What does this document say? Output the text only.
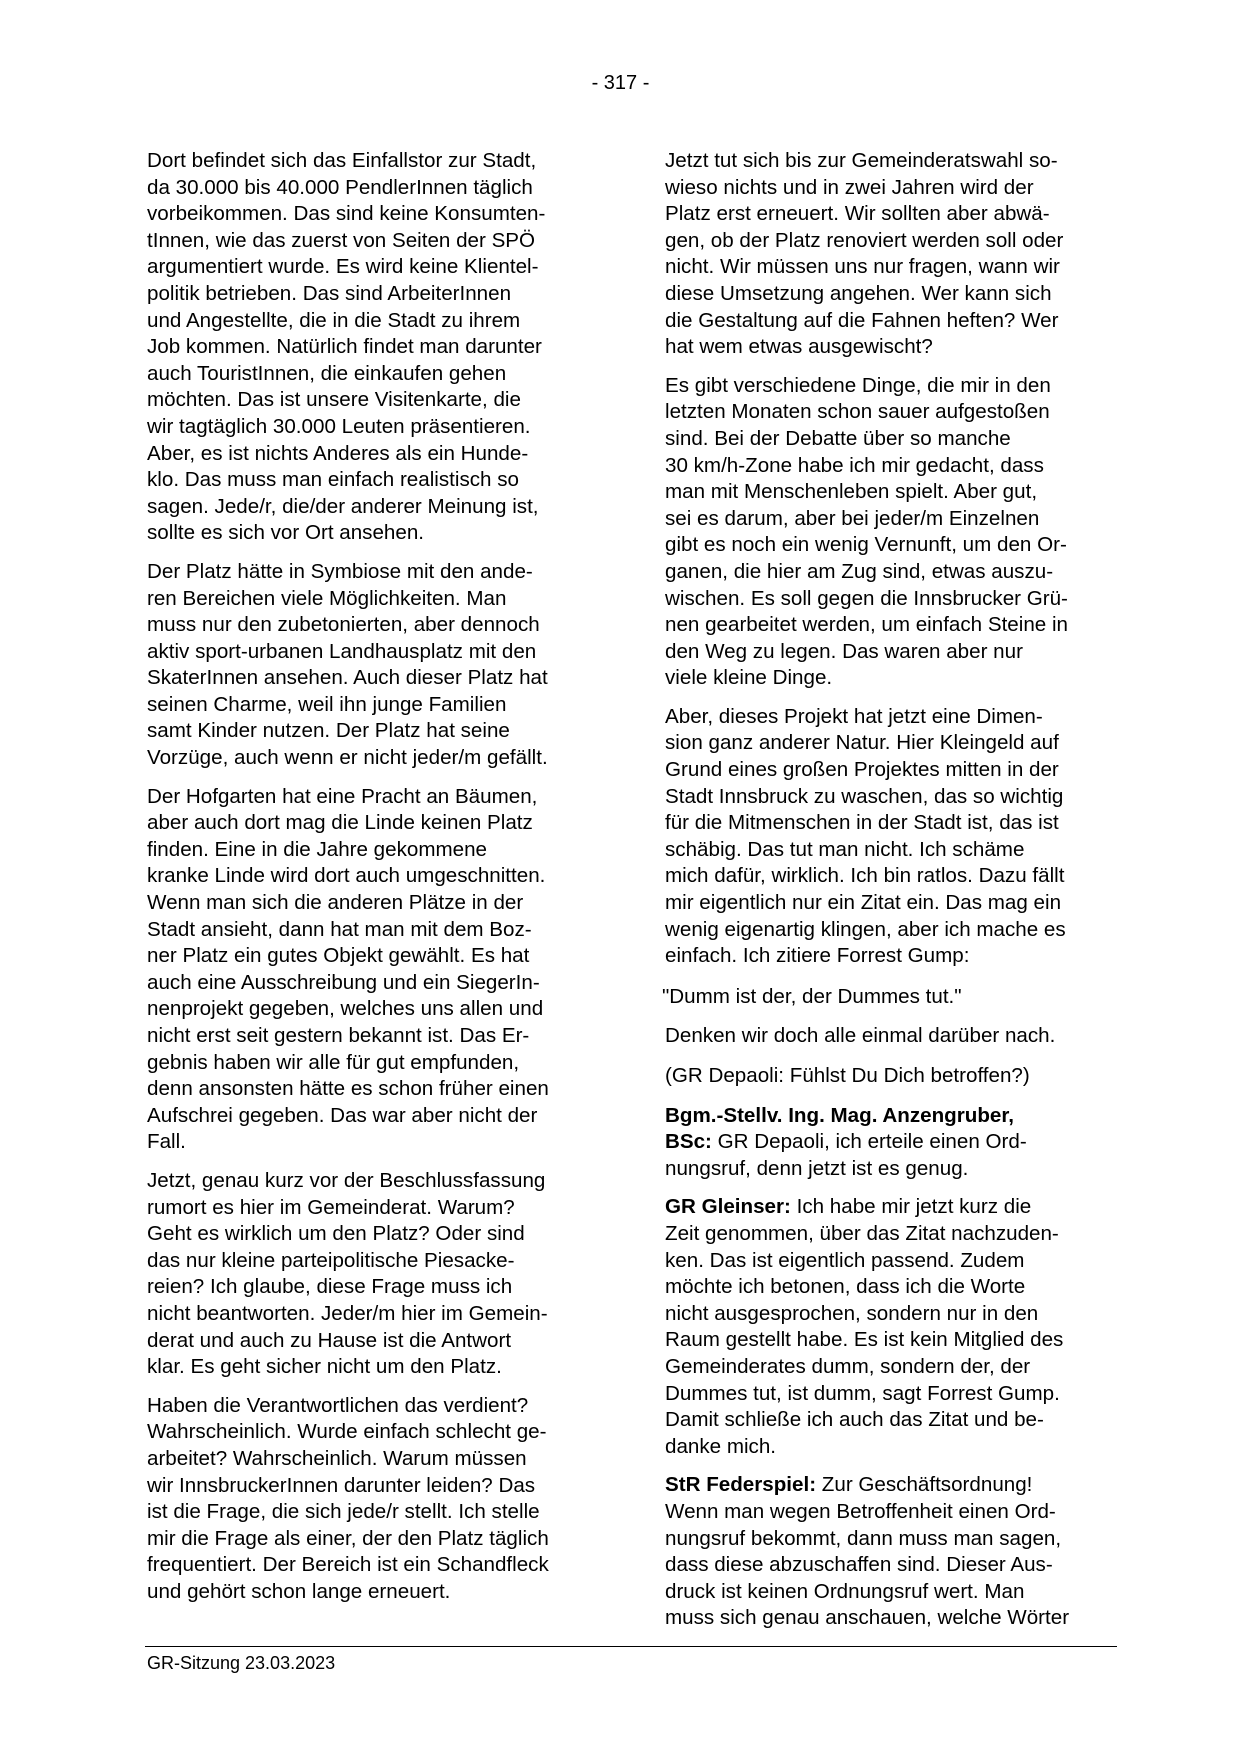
- 317 -

Dort befindet sich das Einfallstor zur Stadt,
da 30.000 bis 40.000 PendlerInnen täglich
vorbeikommen. Das sind keine Konsumten-
tInnen, wie das zuerst von Seiten der SPÖ
argumentiert wurde. Es wird keine Klientel-
politik betrieben. Das sind ArbeiterInnen
und Angestellte, die in die Stadt zu ihrem
Job kommen. Natürlich findet man darunter
auch TouristInnen, die einkaufen gehen
möchten. Das ist unsere Visitenkarte, die
wir tagtäglich 30.000 Leuten präsentieren.
Aber, es ist nichts Anderes als ein Hunde-
klo. Das muss man einfach realistisch so
sagen. Jede/r, die/der anderer Meinung ist,
sollte es sich vor Ort ansehen.

Der Platz hätte in Symbiose mit den ande-
ren Bereichen viele Möglichkeiten. Man
muss nur den zubetonierten, aber dennoch
aktiv sport-urbanen Landhausplatz mit den
SkaterInnen ansehen. Auch dieser Platz hat
seinen Charme, weil ihn junge Familien
samt Kinder nutzen. Der Platz hat seine
Vorzüge, auch wenn er nicht jeder/m gefällt.

Der Hofgarten hat eine Pracht an Bäumen,
aber auch dort mag die Linde keinen Platz
finden. Eine in die Jahre gekommene
kranke Linde wird dort auch umgeschnitten.
Wenn man sich die anderen Plätze in der
Stadt ansieht, dann hat man mit dem Boz-
ner Platz ein gutes Objekt gewählt. Es hat
auch eine Ausschreibung und ein SiegerIn-
nenprojekt gegeben, welches uns allen und
nicht erst seit gestern bekannt ist. Das Er-
gebnis haben wir alle für gut empfunden,
denn ansonsten hätte es schon früher einen
Aufschrei gegeben. Das war aber nicht der
Fall.

Jetzt, genau kurz vor der Beschlussfassung
rumort es hier im Gemeinderat. Warum?
Geht es wirklich um den Platz? Oder sind
das nur kleine parteipolitische Piesacke-
reien? Ich glaube, diese Frage muss ich
nicht beantworten. Jeder/m hier im Gemein-
derat und auch zu Hause ist die Antwort
klar. Es geht sicher nicht um den Platz.

Haben die Verantwortlichen das verdient?
Wahrscheinlich. Wurde einfach schlecht ge-
arbeitet? Wahrscheinlich. Warum müssen
wir InnsbruckerInnen darunter leiden? Das
ist die Frage, die sich jede/r stellt. Ich stelle
mir die Frage als einer, der den Platz täglich
frequentiert. Der Bereich ist ein Schandfleck
und gehört schon lange erneuert.

Jetzt tut sich bis zur Gemeinderatswahl so-
wieso nichts und in zwei Jahren wird der
Platz erst erneuert. Wir sollten aber abwä-
gen, ob der Platz renoviert werden soll oder
nicht. Wir müssen uns nur fragen, wann wir
diese Umsetzung angehen. Wer kann sich
die Gestaltung auf die Fahnen heften? Wer
hat wem etwas ausgewischt?

Es gibt verschiedene Dinge, die mir in den
letzten Monaten schon sauer aufgestoßen
sind. Bei der Debatte über so manche
30 km/h-Zone habe ich mir gedacht, dass
man mit Menschenleben spielt. Aber gut,
sei es darum, aber bei jeder/m Einzelnen
gibt es noch ein wenig Vernunft, um den Or-
ganen, die hier am Zug sind, etwas auszu-
wischen. Es soll gegen die Innsbrucker Grü-
nen gearbeitet werden, um einfach Steine in
den Weg zu legen. Das waren aber nur
viele kleine Dinge.

Aber, dieses Projekt hat jetzt eine Dimen-
sion ganz anderer Natur. Hier Kleingeld auf
Grund eines großen Projektes mitten in der
Stadt Innsbruck zu waschen, das so wichtig
für die Mitmenschen in der Stadt ist, das ist
schäbig. Das tut man nicht. Ich schäme
mich dafür, wirklich. Ich bin ratlos. Dazu fällt
mir eigentlich nur ein Zitat ein. Das mag ein
wenig eigenartig klingen, aber ich mache es
einfach. Ich zitiere Forrest Gump:

"Dumm ist der, der Dummes tut."

Denken wir doch alle einmal darüber nach.

(GR Depaoli: Fühlst Du Dich betroffen?)

Bgm.-Stellv. Ing. Mag. Anzengruber,
BSc: GR Depaoli, ich erteile einen Ord-
nungsruf, denn jetzt ist es genug.

GR Gleinser: Ich habe mir jetzt kurz die
Zeit genommen, über das Zitat nachzuden-
ken. Das ist eigentlich passend. Zudem
möchte ich betonen, dass ich die Worte
nicht ausgesprochen, sondern nur in den
Raum gestellt habe. Es ist kein Mitglied des
Gemeinderates dumm, sondern der, der
Dummes tut, ist dumm, sagt Forrest Gump.
Damit schließe ich auch das Zitat und be-
danke mich.

StR Federspiel: Zur Geschäftsordnung!
Wenn man wegen Betroffenheit einen Ord-
nungsruf bekommt, dann muss man sagen,
dass diese abzuschaffen sind. Dieser Aus-
druck ist keinen Ordnungsruf wert. Man
muss sich genau anschauen, welche Wörter

GR-Sitzung 23.03.2023
